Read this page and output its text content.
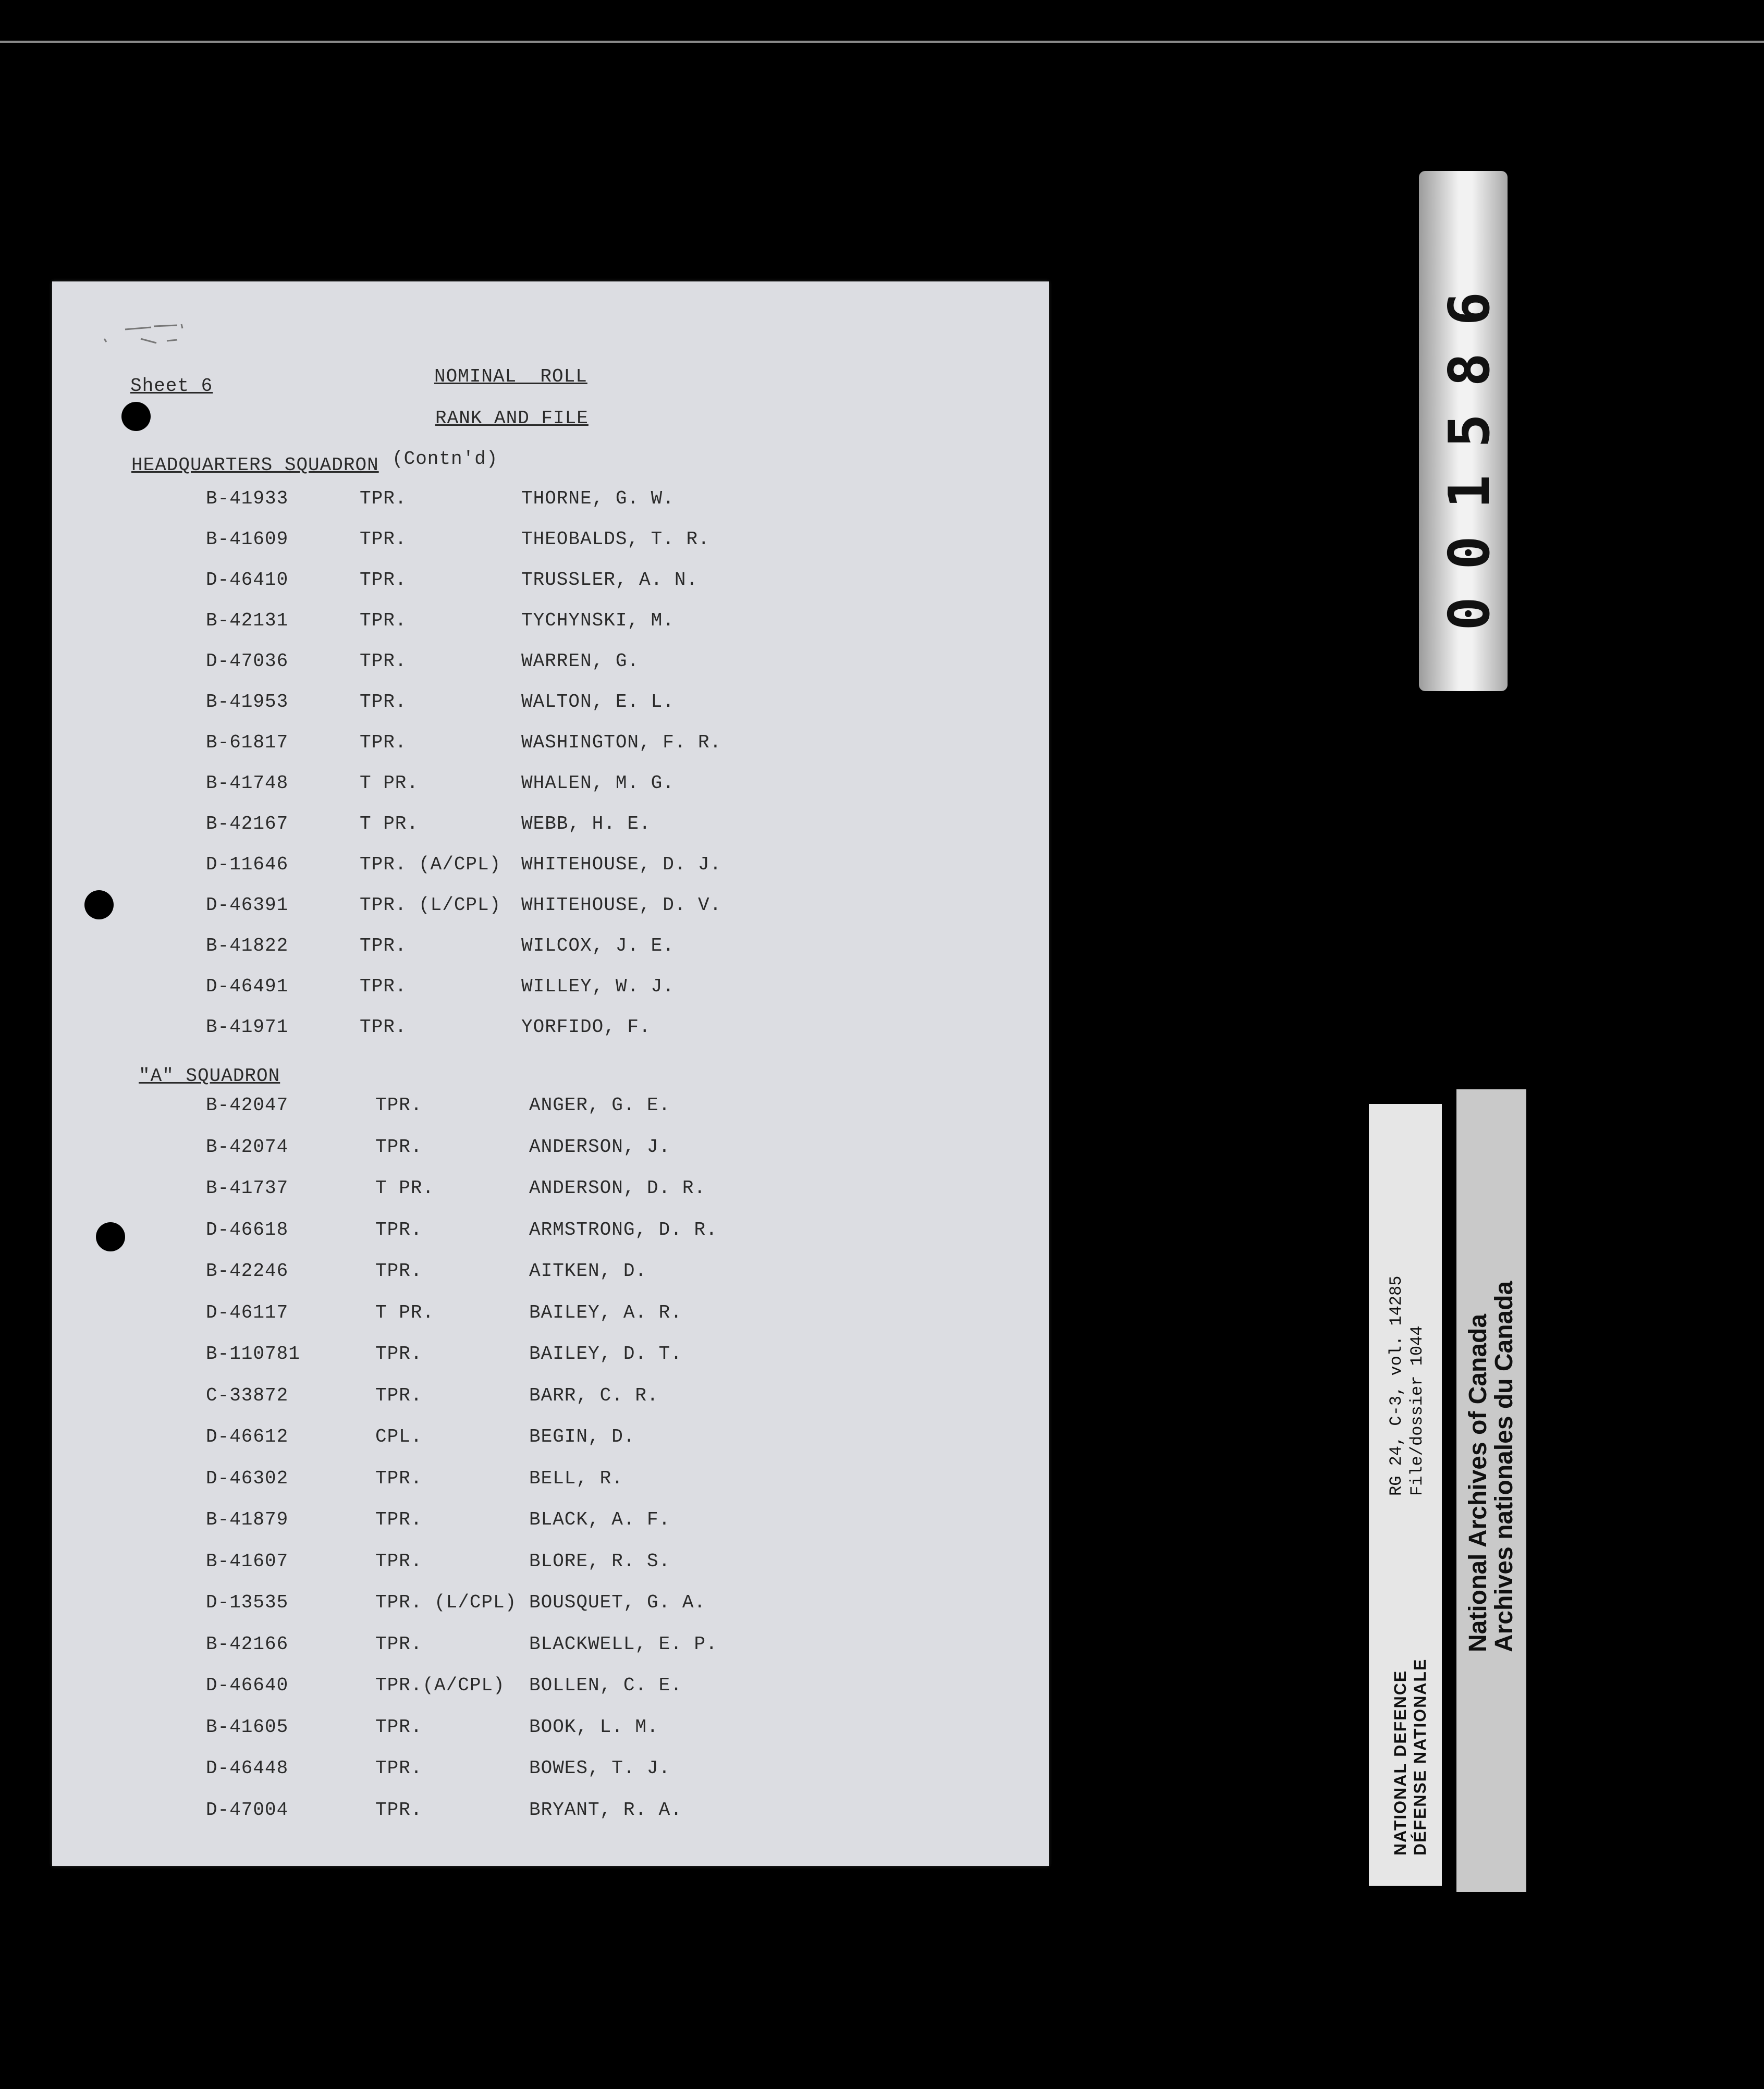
Sheet 6	NOMINAL  ROLL
RANK AND FILE
HEADQUARTERS SQUADRON (Contn'd)
B-41933	TPR.	THORNE, G. W.
B-41609	TPR.	THEOBALDS, T. R.
D-46410	TPR.	TRUSSLER, A. N.
B-42131	TPR.	TYCHYNSKI, M.
D-47036	TPR.	WARREN, G.
B-41953	TPR.	WALTON, E. L.
B-61817	TPR.	WASHINGTON, F. R.
B-41748	T PR.	WHALEN, M. G.
B-42167	T PR.	WEBB, H. E.
D-11646	TPR. (A/CPL) WHITEHOUSE, D. J.
D-46391	TPR. (L/CPL) WHITEHOUSE, D. V.
B-41822	TPR.	WILCOX, J. E.
D-46491	TPR.	WILLEY, W. J.
B-41971	TPR.	YORFIDO, F.
"A" SQUADRON
B-42047	TPR.	ANGER, G. E.
B-42074	TPR.	ANDERSON, J.
B-41737	T PR.	ANDERSON, D. R.
D-46618	TPR.	ARMSTRONG, D. R.
B-42246	TPR.	AITKEN, D.
D-46117	T PR.	BAILEY, A. R.
B-110781	TPR.	BAILEY, D. T.
C-33872	TPR.	BARR, C. R.
D-46612	CPL.	BEGIN, D.
D-46302	TPR.	BELL, R.
B-41879	TPR.	BLACK, A. F.
B-41607	TPR.	BLORE, R. S.
D-13535	TPR. (L/CPL) BOUSQUET, G. A.
B-42166	TPR.	BLACKWELL, E. P.
D-46640	TPR.(A/CPL) BOLLEN, C. E.
B-41605	TPR.	BOOK, L. M.
D-46448	TPR.	BOWES, T. J.
D-47004	TPR.	BRYANT, R. A.
001586
NATIONAL DEFENCE DÉFENSE NATIONALE
RG 24, C-3, vol. 14285 File/dossier 1044 National Archives of Canada
Archives nationales du Canada
